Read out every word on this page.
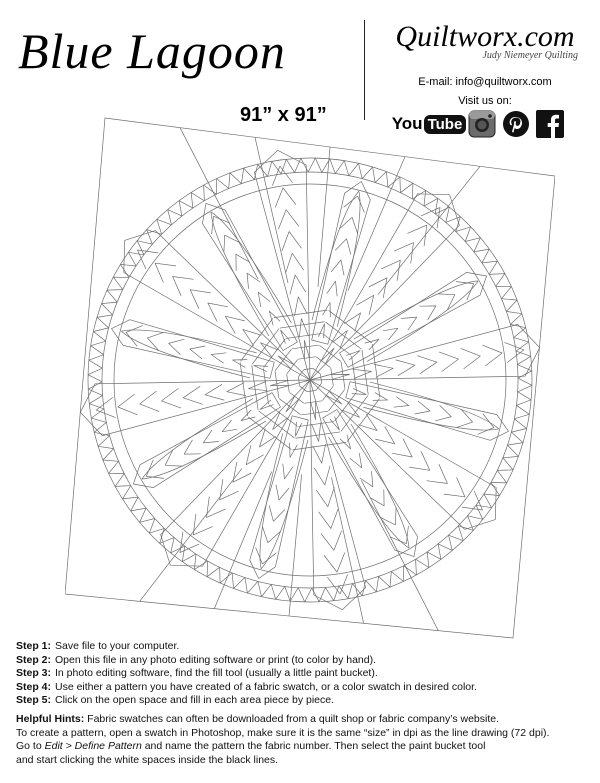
Blue Lagoon
91” x 91”
Quiltworx.com
Judy Niemeyer Quilting
E-mail: info@quiltworx.com
Visit us on:
You Tube
Step 1: Save file to your computer.
Step 2: Open this file in any photo editing software or print (to color by hand).
Step 3: In photo editing software, find the fill tool (usually a little paint bucket).
Step 4: Use either a pattern you have created of a fabric swatch, or a color swatch in desired color.
Step 5: Click on the open space and fill in each area piece by piece.

Helpful Hints: Fabric swatches can often be downloaded from a quilt shop or fabric company’s website.

To create a pattern, open a swatch in Photoshop, make sure it is the same “size” in dpi as the line drawing (72 dpi).

Go to Edit > Define Pattern and name the pattern the fabric number. Then select the paint bucket tool

and start clicking the white spaces inside the black lines.
